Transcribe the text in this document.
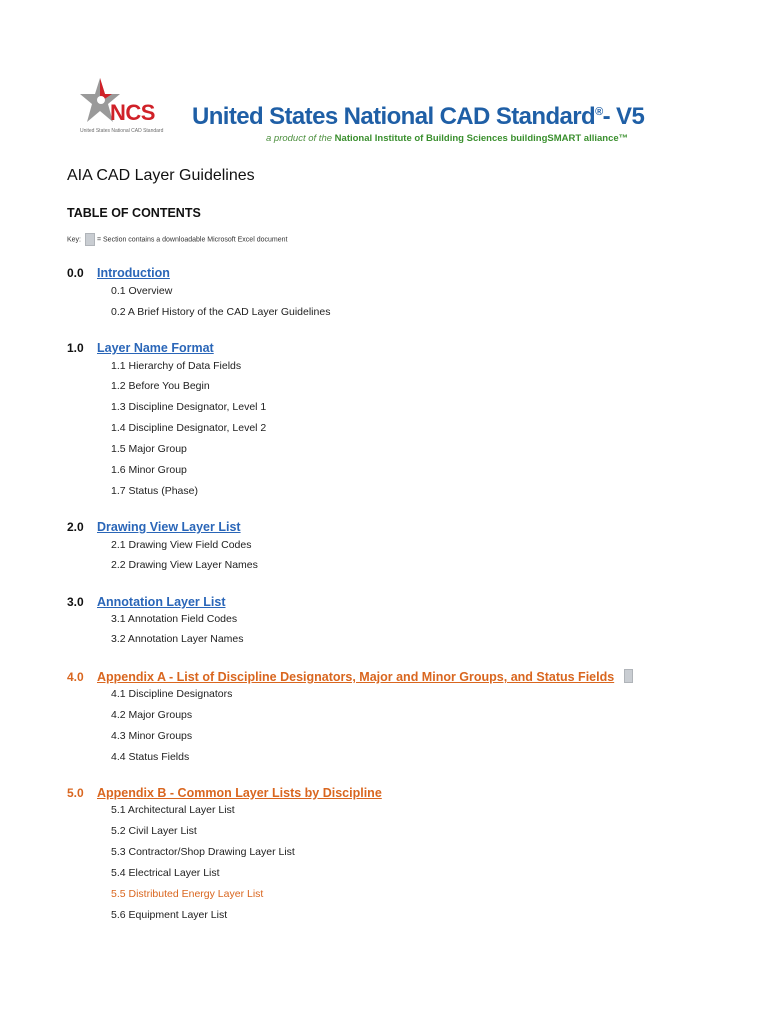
NCS
United States National CAD Standard
United States National CAD Standard®- V5
a product of the National Institute of Building Sciences buildingSMART alliance™
AIA CAD Layer Guidelines
TABLE OF CONTENTS
Key: = Section contains a downloadable Microsoft Excel document
0.0 Introduction
0.1 Overview
0.2 A Brief History of the CAD Layer Guidelines
1.0 Layer Name Format
1.1 Hierarchy of Data Fields
1.2 Before You Begin
1.3 Discipline Designator, Level 1
1.4 Discipline Designator, Level 2
1.5 Major Group
1.6 Minor Group
1.7 Status (Phase)
2.0 Drawing View Layer List
2.1 Drawing View Field Codes
2.2 Drawing View Layer Names
3.0 Annotation Layer List
3.1 Annotation Field Codes
3.2 Annotation Layer Names
4.0 Appendix A - List of Discipline Designators, Major and Minor Groups, and Status Fields
4.1 Discipline Designators
4.2 Major Groups
4.3 Minor Groups
4.4 Status Fields
5.0 Appendix B - Common Layer Lists by Discipline
5.1 Architectural Layer List
5.2 Civil Layer List
5.3 Contractor/Shop Drawing Layer List
5.4 Electrical Layer List
5.5 Distributed Energy Layer List
5.6 Equipment Layer List
